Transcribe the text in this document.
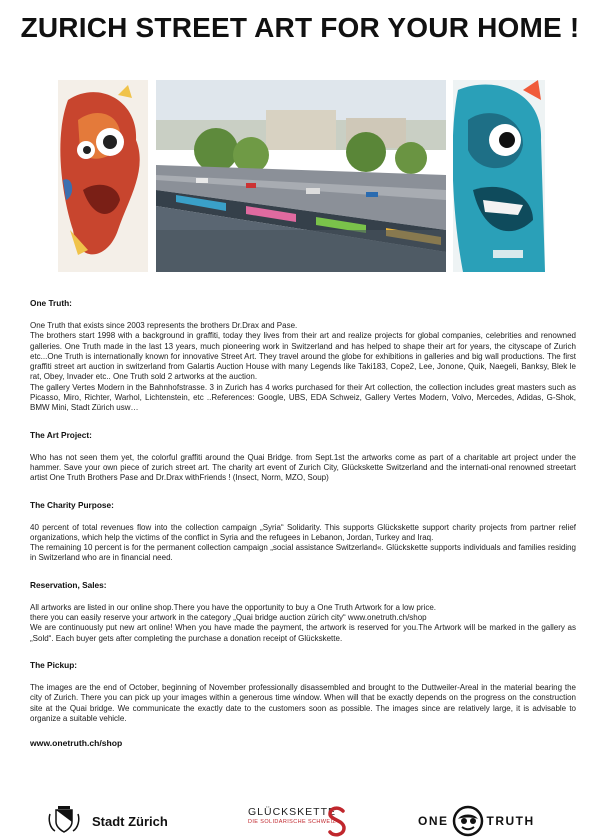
ZURICH STREET ART FOR YOUR HOME !
One Truth:

One Truth that exists since 2003 represents the brothers Dr.Drax and Pase.

The brothers start 1998 with a background in graffiti, today they lives from their art and realize projects for global companies, celebrities and renowned galleries. One Truth made in the last 13 years, much pioneering work in Switzerland and has helped to shape their art for years, the cityscape of Zurich etc...One Truth is internationally known for innovative Street Art. They travel around the globe for exhibitions in galleries and big wall productions. The first graffiti street art auction in switzerland from Galartis Auction House with many Legends like Taki183, Cope2, Lee, Jonone, Quik, Naegeli, Banksy, Blek le rat, Obey, Invader etc.. One Truth sold 2 artworks at the auction.

The gallery Vertes Modern in the Bahnhofstrasse. 3 in Zurich has 4 works purchased for their Art collection, the collection includes great masters such as Picasso, Miro, Richter, Warhol, Lichtenstein, etc ..References: Google, UBS, EDA Schweiz, Gallery Vertes Modern, Volvo, Mercedes, Adidas, G-Shok, BMW Mini, Stadt Zürich usw…

The Art Project:

Who has not seen them yet, the colorful graffiti around the Quai Bridge. from Sept.1st the artworks come as part of a charitable art project under the hammer. Save your own piece of zurich street art. The charity art event of Zurich City, Glückskette Switzerland and the internati-onal renowned streetart artist One Truth Brothers Pase and Dr.Drax withFriends ! (Insect, Norm, MZO, Soup)

The Charity Purpose:

40 percent of total revenues flow into the collection campaign „Syria“ Solidarity. This supports Glückskette support charity projects from partner relief organizations, which help the victims of the conflict in Syria and the refugees in Lebanon, Jordan, Turkey and Iraq.

The remaining 10 percent is for the permanent collection campaign „social assistance Switzerland«. Glückskette supports individuals and families residing in Switzerland who are in financial need.

Reservation, Sales:

All artworks are listed in our online shop.There you have the opportunity to buy a One Truth Artwork for a low price.

there you can easily reserve your artwork in the category „Quai bridge auction zürich city“ www.onetruth.ch/shop

We are continuously put new art online! When you have made the payment, the artwork is reserved for you.The Artwork will be marked in the gallery as „Sold“. Each buyer gets after completing the purchase a donation receipt of Glückskette.

The Pickup:

The images are the end of October, beginning of November professionally disassembled and brought to the Duttweiler-Areal in the material bearing the city of Zurich. There you can pick up your images within a generous time window. When will that be exactly depends on the progress on the construction site at the Quai bridge. We communicate the exactly date to the customers soon as possible. The images since are relatively large, it is advisable to organize a suitable vehicle.

www.onetruth.ch/shop
Stadt Zürich
GLÜCKSKETTE
DIE SOLIDARISCHE SCHWEIZ	ONE	TRUTH
